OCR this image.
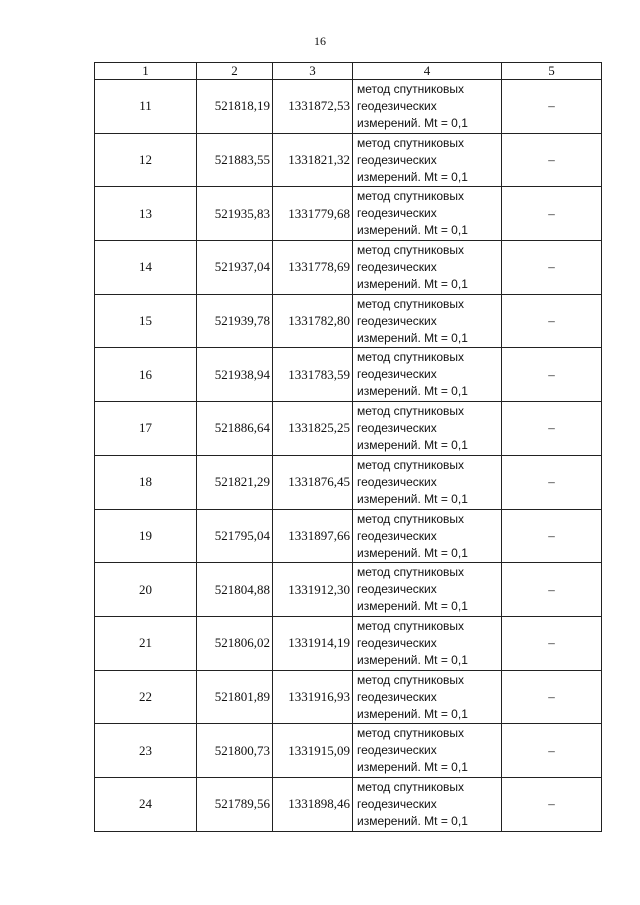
16
1	2	3	4	5
11	521818,19	1331872,53	метод спутниковых геодезических измерений. Mt = 0,1	–
12	521883,55	1331821,32	метод спутниковых геодезических измерений. Mt = 0,1	–
13	521935,83	1331779,68	метод спутниковых геодезических измерений. Mt = 0,1	–
14	521937,04	1331778,69	метод спутниковых геодезических измерений. Mt = 0,1	–
15	521939,78	1331782,80	метод спутниковых геодезических измерений. Mt = 0,1	–
16	521938,94	1331783,59	метод спутниковых геодезических измерений. Mt = 0,1	–
17	521886,64	1331825,25	метод спутниковых геодезических измерений. Mt = 0,1	–
18	521821,29	1331876,45	метод спутниковых геодезических измерений. Mt = 0,1	–
19	521795,04	1331897,66	метод спутниковых геодезических измерений. Mt = 0,1	–
20	521804,88	1331912,30	метод спутниковых геодезических измерений. Mt = 0,1	–
21	521806,02	1331914,19	метод спутниковых геодезических измерений. Mt = 0,1	–
22	521801,89	1331916,93	метод спутниковых геодезических измерений. Mt = 0,1	–
23	521800,73	1331915,09	метод спутниковых геодезических измерений. Mt = 0,1	–
24	521789,56	1331898,46	метод спутниковых геодезических измерений. Mt = 0,1	–
